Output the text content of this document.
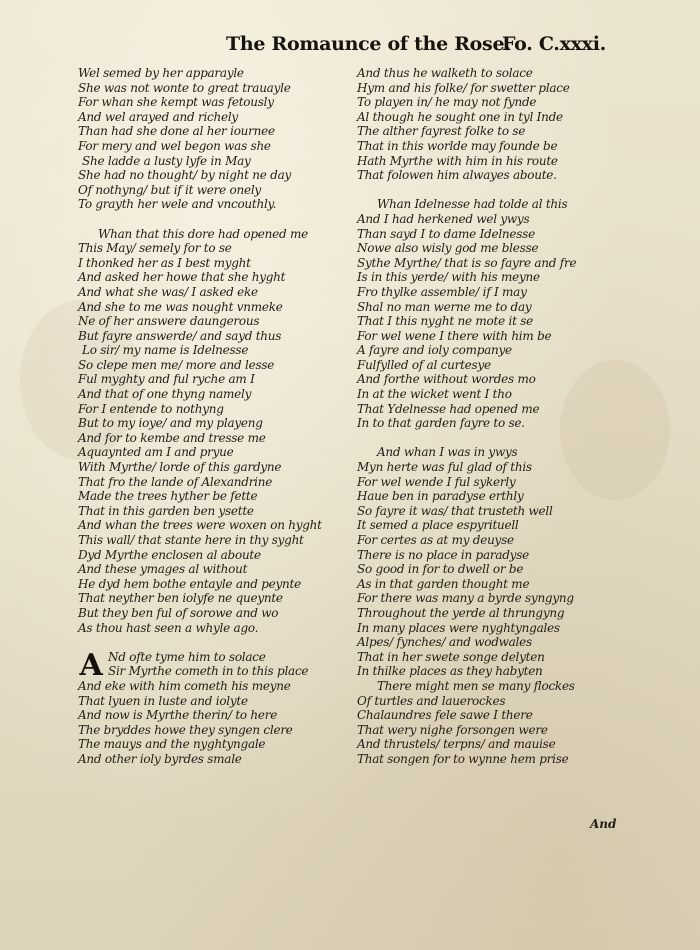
The Romaunce of the Rose.
Fo. C.xxxi.
Wel semed by her apparayle
She was not wonte to great trauayle
For whan she kempt was fetously
And wel arayed and richely
Than had she done al her iournee
For mery and wel begon was she
She ladde a lusty lyfe in May
She had no thought/ by night ne day
Of nothyng/ but if it were onely
To grayth her wele and vncouthly.
Whan that this dore had opened me
This May/ semely for to se
I thonked her as I best myght
And asked her howe that she hyght
And what she was/ I asked eke
And she to me was nought vnmeke
Ne of her answere daungerous
But fayre answerde/ and sayd thus
Lo sir/ my name is Idelnesse
So clepe men me/ more and lesse
Ful myghty and ful ryche am I
And that of one thyng namely
For I entende to nothyng
But to my ioye/ and my playeng
And for to kembe and tresse me
Aquaynted am I and pryue
With Myrthe/ lorde of this gardyne
That fro the lande of Alexandrine
Made the trees hyther be fette
That in this garden ben ysette
And whan the trees were woxen on hyght
This wall/ that stante here in thy syght
Dyd Myrthe enclosen al aboute
And these ymages al without
He dyd hem bothe entayle and peynte
That neyther ben iolyfe ne queynte
But they ben ful of sorowe and wo
As thou hast seen a whyle ago.
A Nd ofte tyme him to solace
Sir Myrthe cometh in to this place
And eke with him cometh his meyne
That lyuen in luste and iolyte
And now is Myrthe therin/ to here
The bryddes howe they syngen clere
The mauys and the nyghtyngale
And other ioly byrdes smale
And thus he walketh to solace
Hym and his folke/ for swetter place
To playen in/ he may not fynde
Al though he sought one in tyl Inde
The alther fayrest folke to se
That in this worlde may founde be
Hath Myrthe with him in his route
That folowen him alwayes aboute.
Whan Idelnesse had tolde al this
And I had herkened wel ywys
Than sayd I to dame Idelnesse
Nowe also wisly god me blesse
Sythe Myrthe/ that is so fayre and fre
Is in this yerde/ with his meyne
Fro thylke assemble/ if I may
Shal no man werne me to day
That I this nyght ne mote it se
For wel wene I there with him be
A fayre and ioly companye
Fulfylled of al curtesye
And forthe without wordes mo
In at the wicket went I tho
That Ydelnesse had opened me
In to that garden fayre to se.
And whan I was in ywys
Myn herte was ful glad of this
For wel wende I ful sykerly
Haue ben in paradyse erthly
So fayre it was/ that trusteth well
It semed a place espyrituell
For certes as at my deuyse
There is no place in paradyse
So good in for to dwell or be
As in that garden thought me
For there was many a byrde syngyng
Throughout the yerde al thrungyng
In many places were nyghtyngales
Alpes/ fynches/ and wodwales
That in her swete songe delyten
In thilke places as they habyten
There might men se many flockes
Of turtles and lauerockes
Chalaundres fele sawe I there
That wery nighe forsongen were
And thrustels/ terpns/ and mauise
That songen for to wynne hem prise
And
